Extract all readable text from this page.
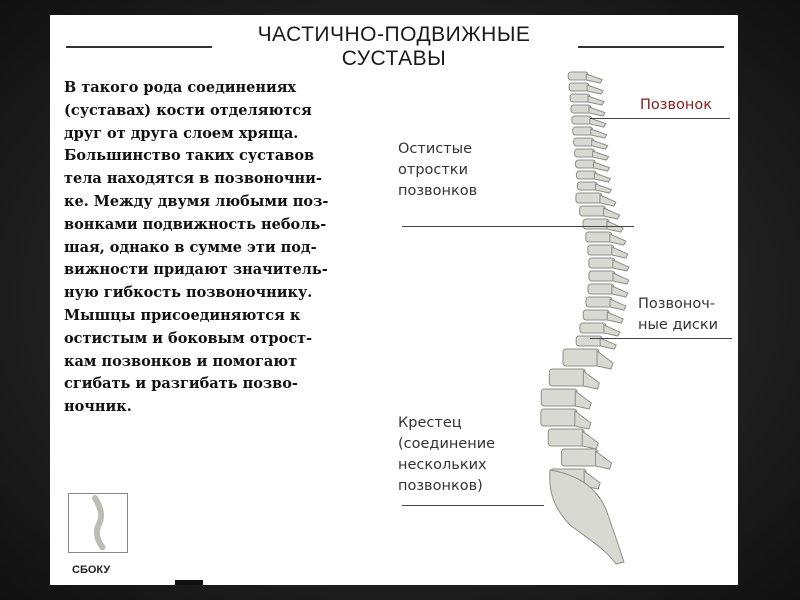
ЧАСТИЧНО-ПОДВИЖНЫЕ
СУСТАВЫ
В такого рода соединениях
(суставах) кости отделяются
друг от друга слоем хряща.
Большинство таких суставов
тела находятся в позвоночни-
ке. Между двумя любыми поз-
вонками подвижность неболь-
шая, однако в сумме эти под-
вижности придают значитель-
ную гибкость позвоночнику.
Мышцы присоединяются к
остистым и боковым отрост-
кам позвонков и помогают
сгибать и разгибать позво-
ночник.
Позвонок
Остистые
отростки
позвонков
Позвоноч-
ные диски
Крестец
(соединение
нескольких
позвонков)
СБОКУ
